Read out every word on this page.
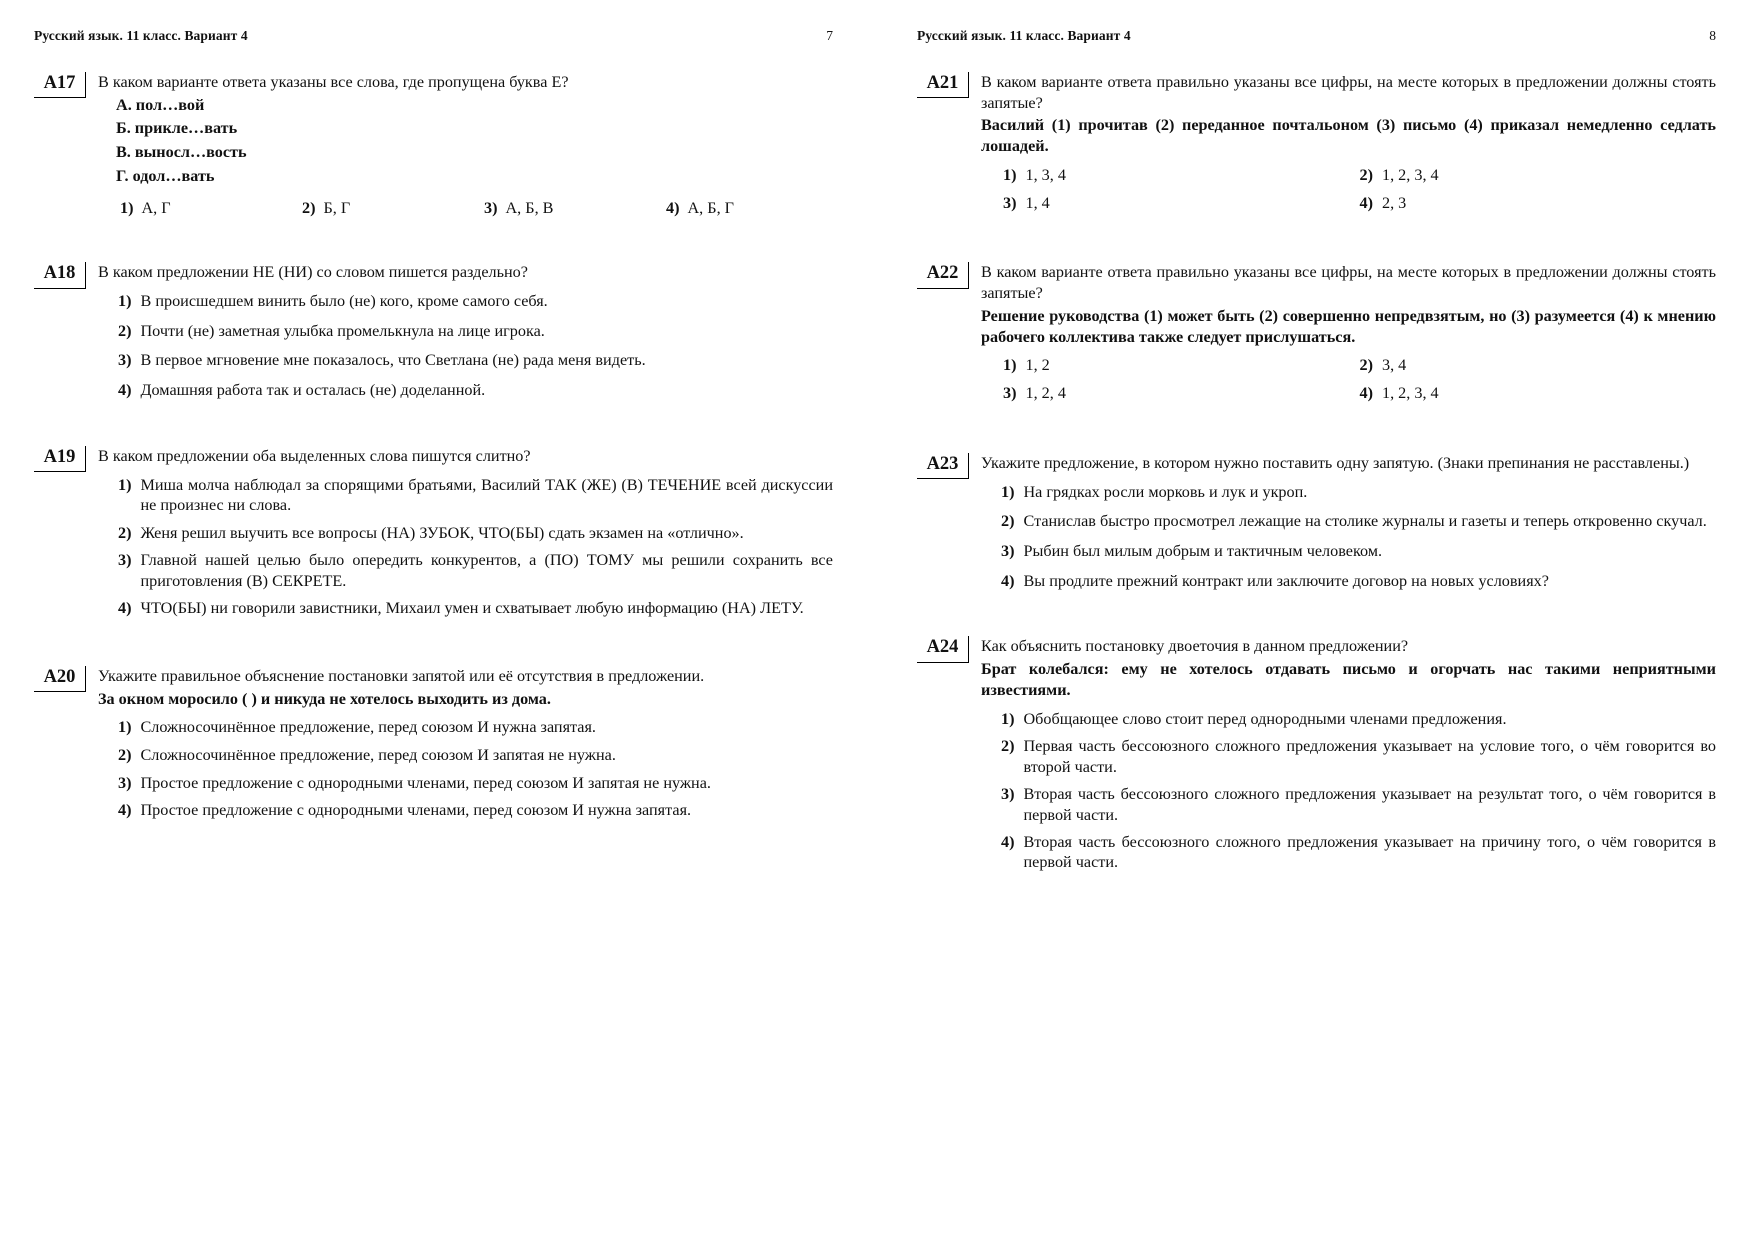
Русский язык. 11 класс. Вариант 4	7
A17	В каком варианте ответа указаны все слова, где пропущена буква Е?
А. пол…вой
Б. прикле…вать
В. выносл…вость
Г. одол…вать
1) А, Г	2) Б, Г	3) А, Б, В	4) А, Б, Г
A18	В каком предложении НЕ (НИ) со словом пишется раздельно?
1) В происшедшем винить было (не) кого, кроме самого себя.
2) Почти (не) заметная улыбка промелькнула на лице игрока.
3) В первое мгновение мне показалось, что Светлана (не) рада меня видеть.
4) Домашняя работа так и осталась (не) доделанной.
A19	В каком предложении оба выделенных слова пишутся слитно?
1) Миша молча наблюдал за спорящими братьями, Василий ТАК (ЖЕ) (В) ТЕЧЕНИЕ всей дискуссии не произнес ни слова.
2) Женя решил выучить все вопросы (НА) ЗУБОК, ЧТО(БЫ) сдать экзамен на «отлично».
3) Главной нашей целью было опередить конкурентов, а (ПО) ТОМУ мы решили сохранить все приготовления (В) СЕКРЕТЕ.
4) ЧТО(БЫ) ни говорили завистники, Михаил умен и схватывает любую информацию (НА) ЛЕТУ.
A20	Укажите правильное объяснение постановки запятой или её отсутствия в предложении.
За окном моросило ( ) и никуда не хотелось выходить из дома.
1) Сложносочинённое предложение, перед союзом И нужна запятая.
2) Сложносочинённое предложение, перед союзом И запятая не нужна.
3) Простое предложение с однородными членами, перед союзом И запятая не нужна.
4) Простое предложение с однородными членами, перед союзом И нужна запятая.
Русский язык. 11 класс. Вариант 4	8
A21	В каком варианте ответа правильно указаны все цифры, на месте которых в предложении должны стоять запятые?
Василий (1) прочитав (2) переданное почтальоном (3) письмо (4) приказал немедленно седлать лошадей.
1) 1, 3, 4	2) 1, 2, 3, 4
3) 1, 4	4) 2, 3
A22	В каком варианте ответа правильно указаны все цифры, на месте которых в предложении должны стоять запятые?
Решение руководства (1) может быть (2) совершенно непредвзятым, но (3) разумеется (4) к мнению рабочего коллектива также следует прислушаться.
1) 1, 2	2) 3, 4
3) 1, 2, 4	4) 1, 2, 3, 4
A23	Укажите предложение, в котором нужно поставить одну запятую. (Знаки препинания не расставлены.)
1) На грядках росли морковь и лук и укроп.
2) Станислав быстро просмотрел лежащие на столике журналы и газеты и теперь откровенно скучал.
3) Рыбин был милым добрым и тактичным человеком.
4) Вы продлите прежний контракт или заключите договор на новых условиях?
A24	Как объяснить постановку двоеточия в данном предложении?
Брат колебался: ему не хотелось отдавать письмо и огорчать нас такими неприятными известиями.
1) Обобщающее слово стоит перед однородными членами предложения.
2) Первая часть бессоюзного сложного предложения указывает на условие того, о чём говорится во второй части.
3) Вторая часть бессоюзного сложного предложения указывает на результат того, о чём говорится в первой части.
4) Вторая часть бессоюзного сложного предложения указывает на причину того, о чём говорится в первой части.
